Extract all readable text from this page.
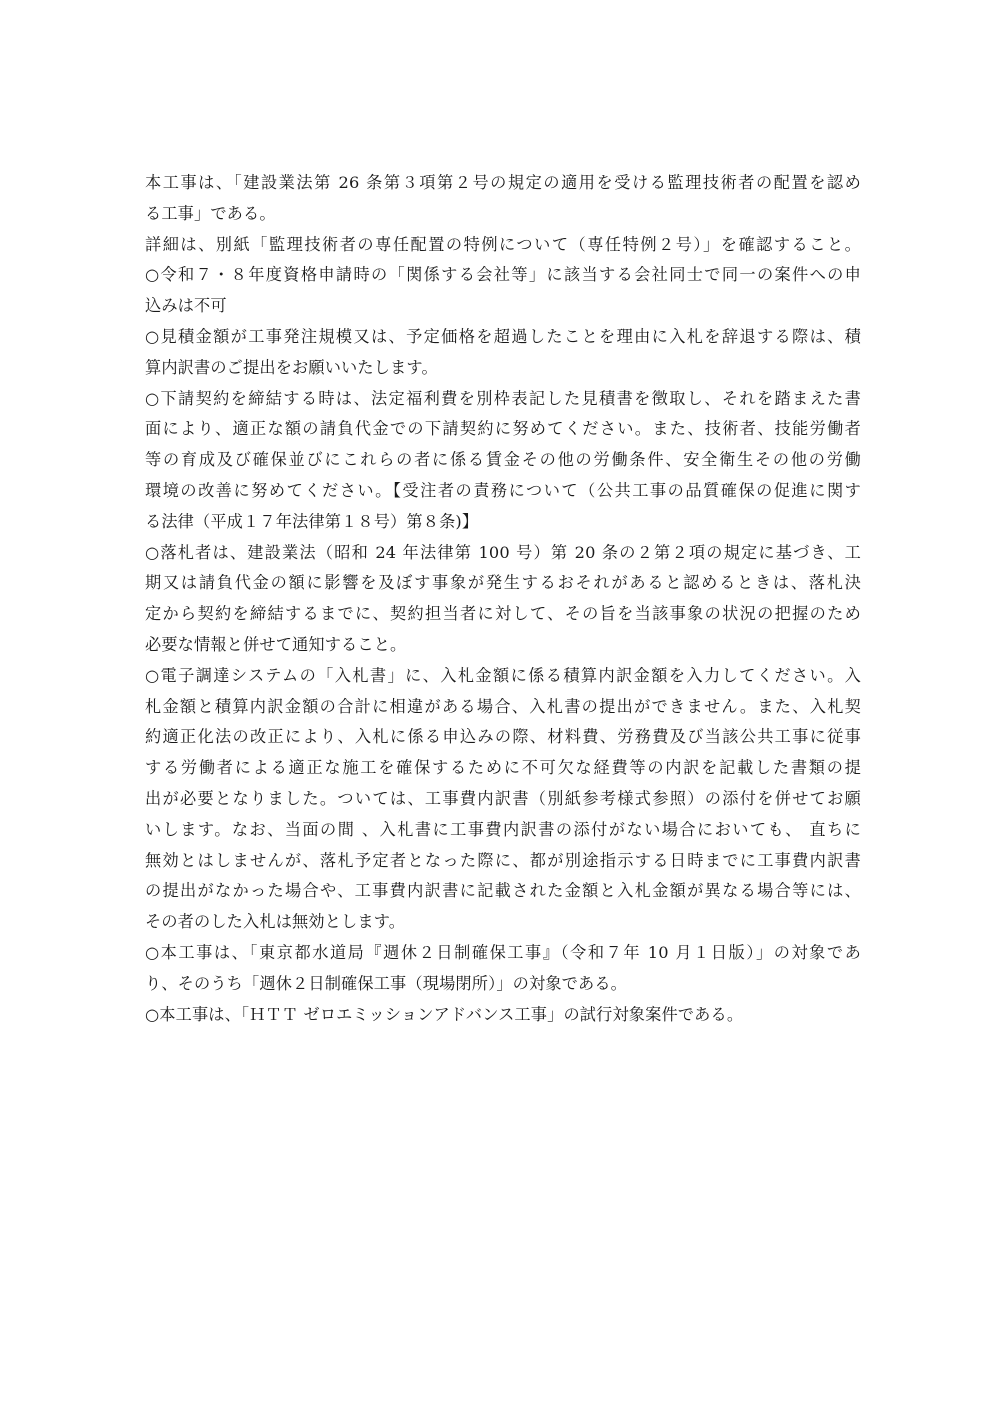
本工事は、「建設業法第 26 条第３項第２号の規定の適用を受ける監理技術者の配置を認め
る工事」である。
詳細は、別紙「監理技術者の専任配置の特例について（専任特例２号）」を確認すること。
○令和７・８年度資格申請時の「関係する会社等」に該当する会社同士で同一の案件への申
込みは不可
○見積金額が工事発注規模又は、予定価格を超過したことを理由に入札を辞退する際は、積
算内訳書のご提出をお願いいたします。
○下請契約を締結する時は、法定福利費を別枠表記した見積書を徴取し、それを踏まえた書
面により、適正な額の請負代金での下請契約に努めてください。また、技術者、技能労働者
等の育成及び確保並びにこれらの者に係る賃金その他の労働条件、安全衛生その他の労働
環境の改善に努めてください。【受注者の責務について（公共工事の品質確保の促進に関す
る法律（平成１７年法律第１８号）第８条)】
○落札者は、建設業法（昭和 24 年法律第 100 号）第 20 条の２第２項の規定に基づき、工
期又は請負代金の額に影響を及ぼす事象が発生するおそれがあると認めるときは、落札決
定から契約を締結するまでに、契約担当者に対して、その旨を当該事象の状況の把握のため
必要な情報と併せて通知すること。
○電子調達システムの「入札書」に、入札金額に係る積算内訳金額を入力してください。入
札金額と積算内訳金額の合計に相違がある場合、入札書の提出ができません。また、入札契
約適正化法の改正により、入札に係る申込みの際、材料費、労務費及び当該公共工事に従事
する労働者による適正な施工を確保するために不可欠な経費等の内訳を記載した書類の提
出が必要となりました。ついては、工事費内訳書（別紙参考様式参照）の添付を併せてお願
いします。なお、当面の間 、入札書に工事費内訳書の添付がない場合においても、 直ちに
無効とはしませんが、落札予定者となった際に、都が別途指示する日時までに工事費内訳書
の提出がなかった場合や、工事費内訳書に記載された金額と入札金額が異なる場合等には、
その者のした入札は無効とします。
○本工事は、「東京都水道局『週休２日制確保工事』（令和７年 10 月１日版）」の対象であ
り、そのうち「週休２日制確保工事（現場閉所）」の対象である。
○本工事は、「ＨＴＴ ゼロエミッションアドバンス工事」の試行対象案件である。
